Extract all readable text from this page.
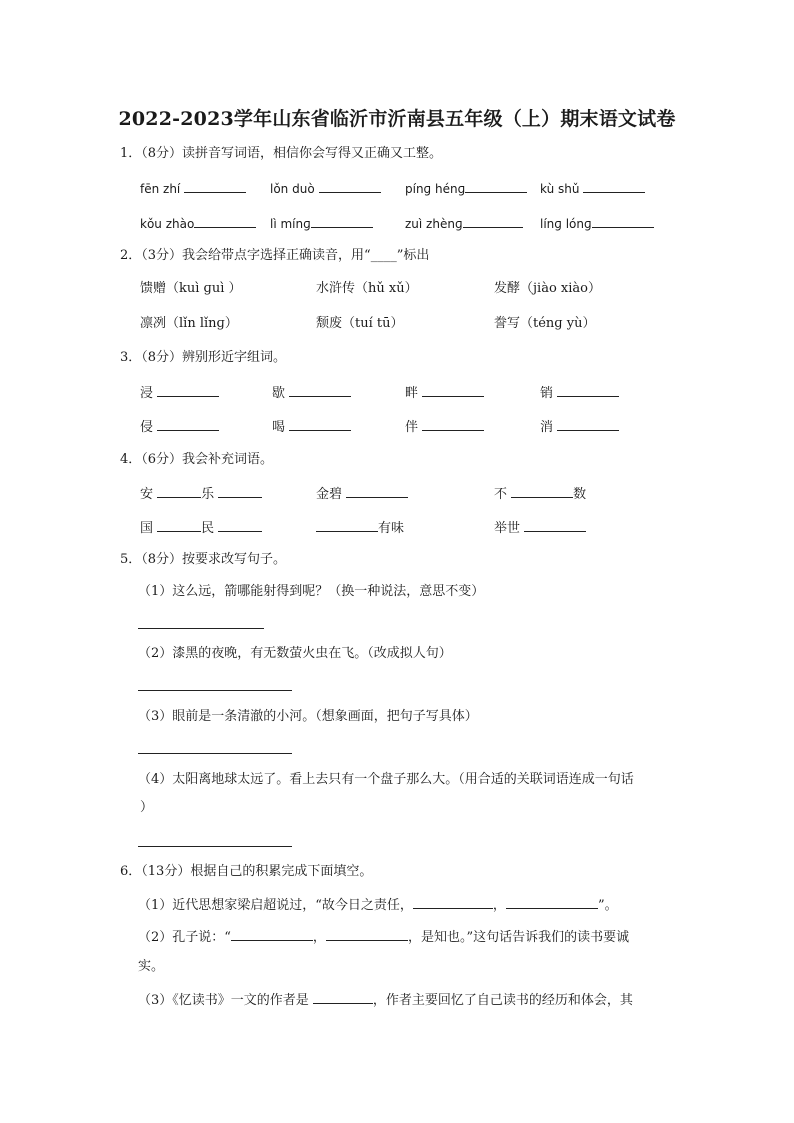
2022-2023学年山东省临沂市沂南县五年级（上）期末语文试卷
1．（8分）读拼音写词语，相信你会写得又正确又工整。
fēn zhí	lǒn duò	pínɡ hénɡ	kù shǔ
kǒu zhào	lì mínɡ	zuì zhènɡ	línɡ lónɡ
2．（3分）我会给带点字选择正确读音，用“____”标出
馈赠（kuì ɡuì ）	水浒传（hǔ xǔ）	发酵（jiào xiào）
凛冽（lǐn lǐnɡ）	颓废（tuí tū）	誊写（ténɡ yù）
3．（8分）辨别形近字组词。
浸	歇	畔	销
侵	喝	伴	消
4．（6分）我会补充词语。
安	乐	金碧	不	数
国	民	有味	举世
5．（8分）按要求改写句子。
（1）这么远，箭哪能射得到呢？（换一种说法，意思不变）
（2）漆黑的夜晚，有无数萤火虫在飞。（改成拟人句）
（3）眼前是一条清澈的小河。（想象画面，把句子写具体）
（4）太阳离地球太远了。看上去只有一个盘子那么大。（用合适的关联词语连成一句话
）
6．（13分）根据自己的积累完成下面填空。
（1）近代思想家梁启超说过，“故今日之责任，	，	”。
（2）孔子说：“	，	，是知也。”这句话告诉我们的读书要诚
实。
（3）《忆读书》一文的作者是	，作者主要回忆了自己读书的经历和体会，其
